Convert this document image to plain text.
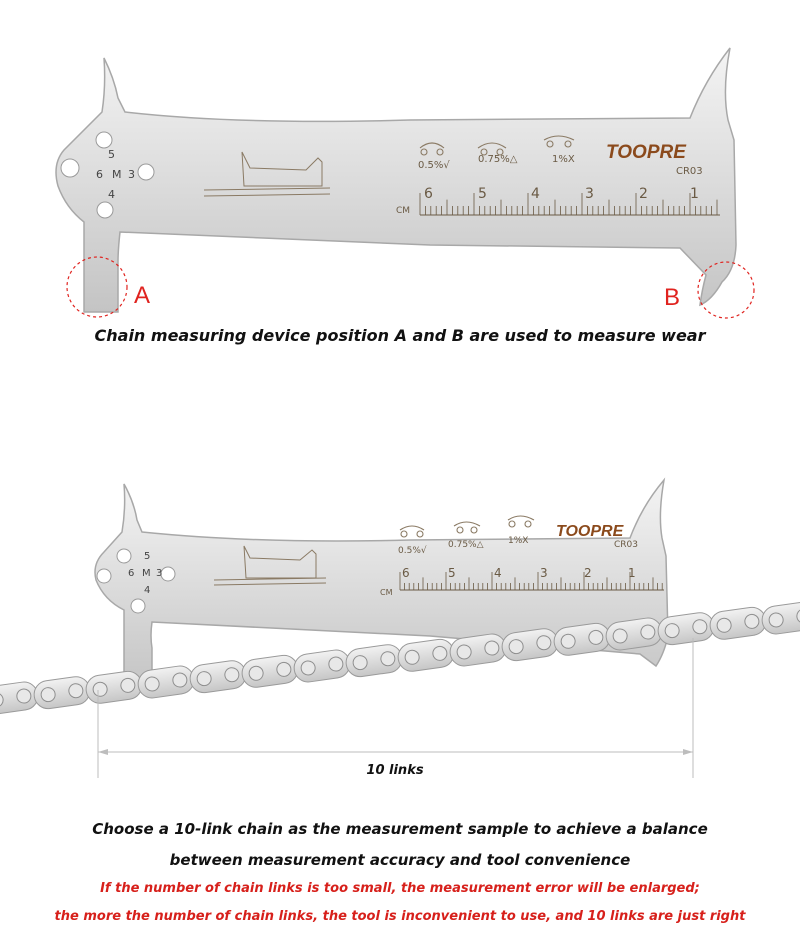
5
6 M 3
4
0.5%√
0.75%△	1%X TOOPRE
CR03
CM
6	5	4	3	2	1
A	B
Chain measuring device position A and B are used to measure wear
5
6 M 3
4
0.5%√
0.75%△	1%X
TOOPRE
CR03
CM
6	5	4	3	2	1
10 links
Choose a 10-link chain as the measurement sample to achieve a balance
between measurement accuracy and tool convenience
If the number of chain links is too small, the measurement error will be enlarged;
the more the number of chain links, the tool is inconvenient to use, and 10 links are just right
